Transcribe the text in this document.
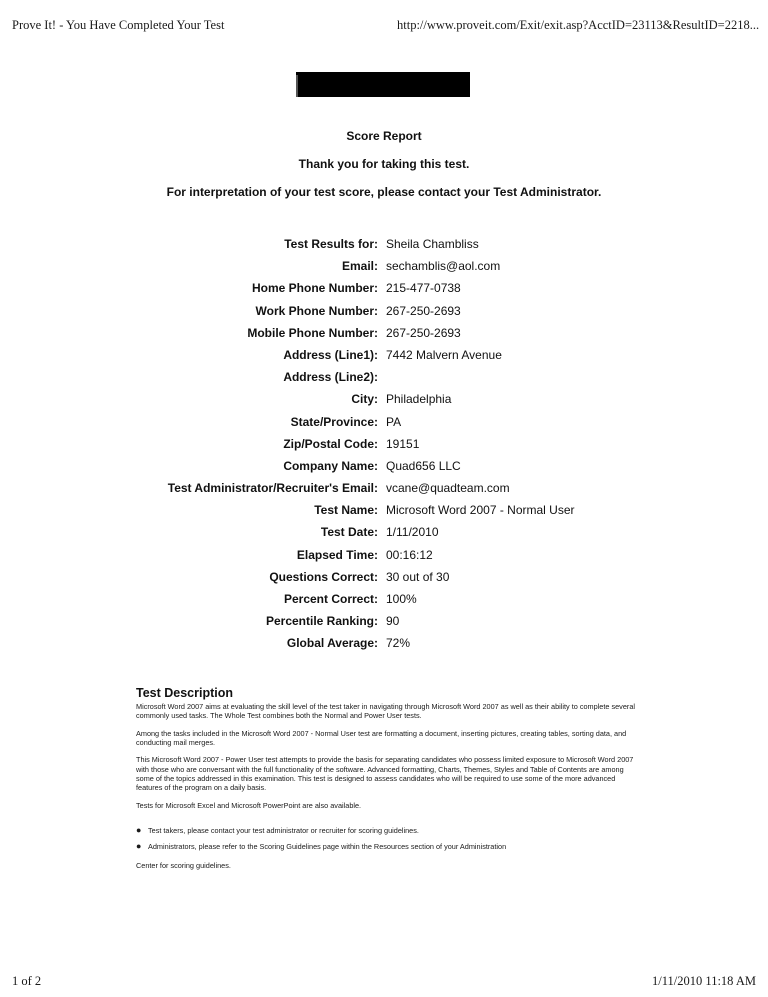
Prove It! - You Have Completed Your Test	http://www.proveit.com/Exit/exit.asp?AcctID=23113&ResultID=2218...
Score Report
Thank you for taking this test.
For interpretation of your test score, please contact your Test Administrator.
Test Results for: Sheila Chambliss
Email: sechamblis@aol.com
Home Phone Number: 215-477-0738
Work Phone Number: 267-250-2693
Mobile Phone Number: 267-250-2693
Address (Line1): 7442 Malvern Avenue
Address (Line2):
City: Philadelphia
State/Province: PA
Zip/Postal Code: 19151
Company Name: Quad656 LLC
Test Administrator/Recruiter's Email: vcane@quadteam.com
Test Name: Microsoft Word 2007 - Normal User
Test Date: 1/11/2010
Elapsed Time: 00:16:12
Questions Correct: 30 out of 30
Percent Correct: 100%
Percentile Ranking: 90
Global Average: 72%
Test Description

Microsoft Word 2007 aims at evaluating the skill level of the test taker in navigating through Microsoft Word 2007 as well as their ability to complete several commonly used tasks. The Whole Test combines both the Normal and Power User tests.

Among the tasks included in the Microsoft Word 2007 - Normal User test are formatting a document, inserting pictures, creating tables, sorting data, and conducting mail merges.

This Microsoft Word 2007 - Power User test attempts to provide the basis for separating candidates who possess limited exposure to Microsoft Word 2007 with those who are conversant with the full functionality of the software. Advanced formatting, Charts, Themes, Styles and Table of Contents are among some of the topics addressed in this examination. This test is designed to assess candidates who will be required to use some of the more advanced features of the program on a daily basis.

Tests for Microsoft Excel and Microsoft PowerPoint are also available.

● Test takers, please contact your test administrator or recruiter for scoring guidelines.
● Administrators, please refer to the Scoring Guidelines page within the Resources section of your Administration
Center for scoring guidelines.
1 of 2	1/11/2010 11:18 AM
